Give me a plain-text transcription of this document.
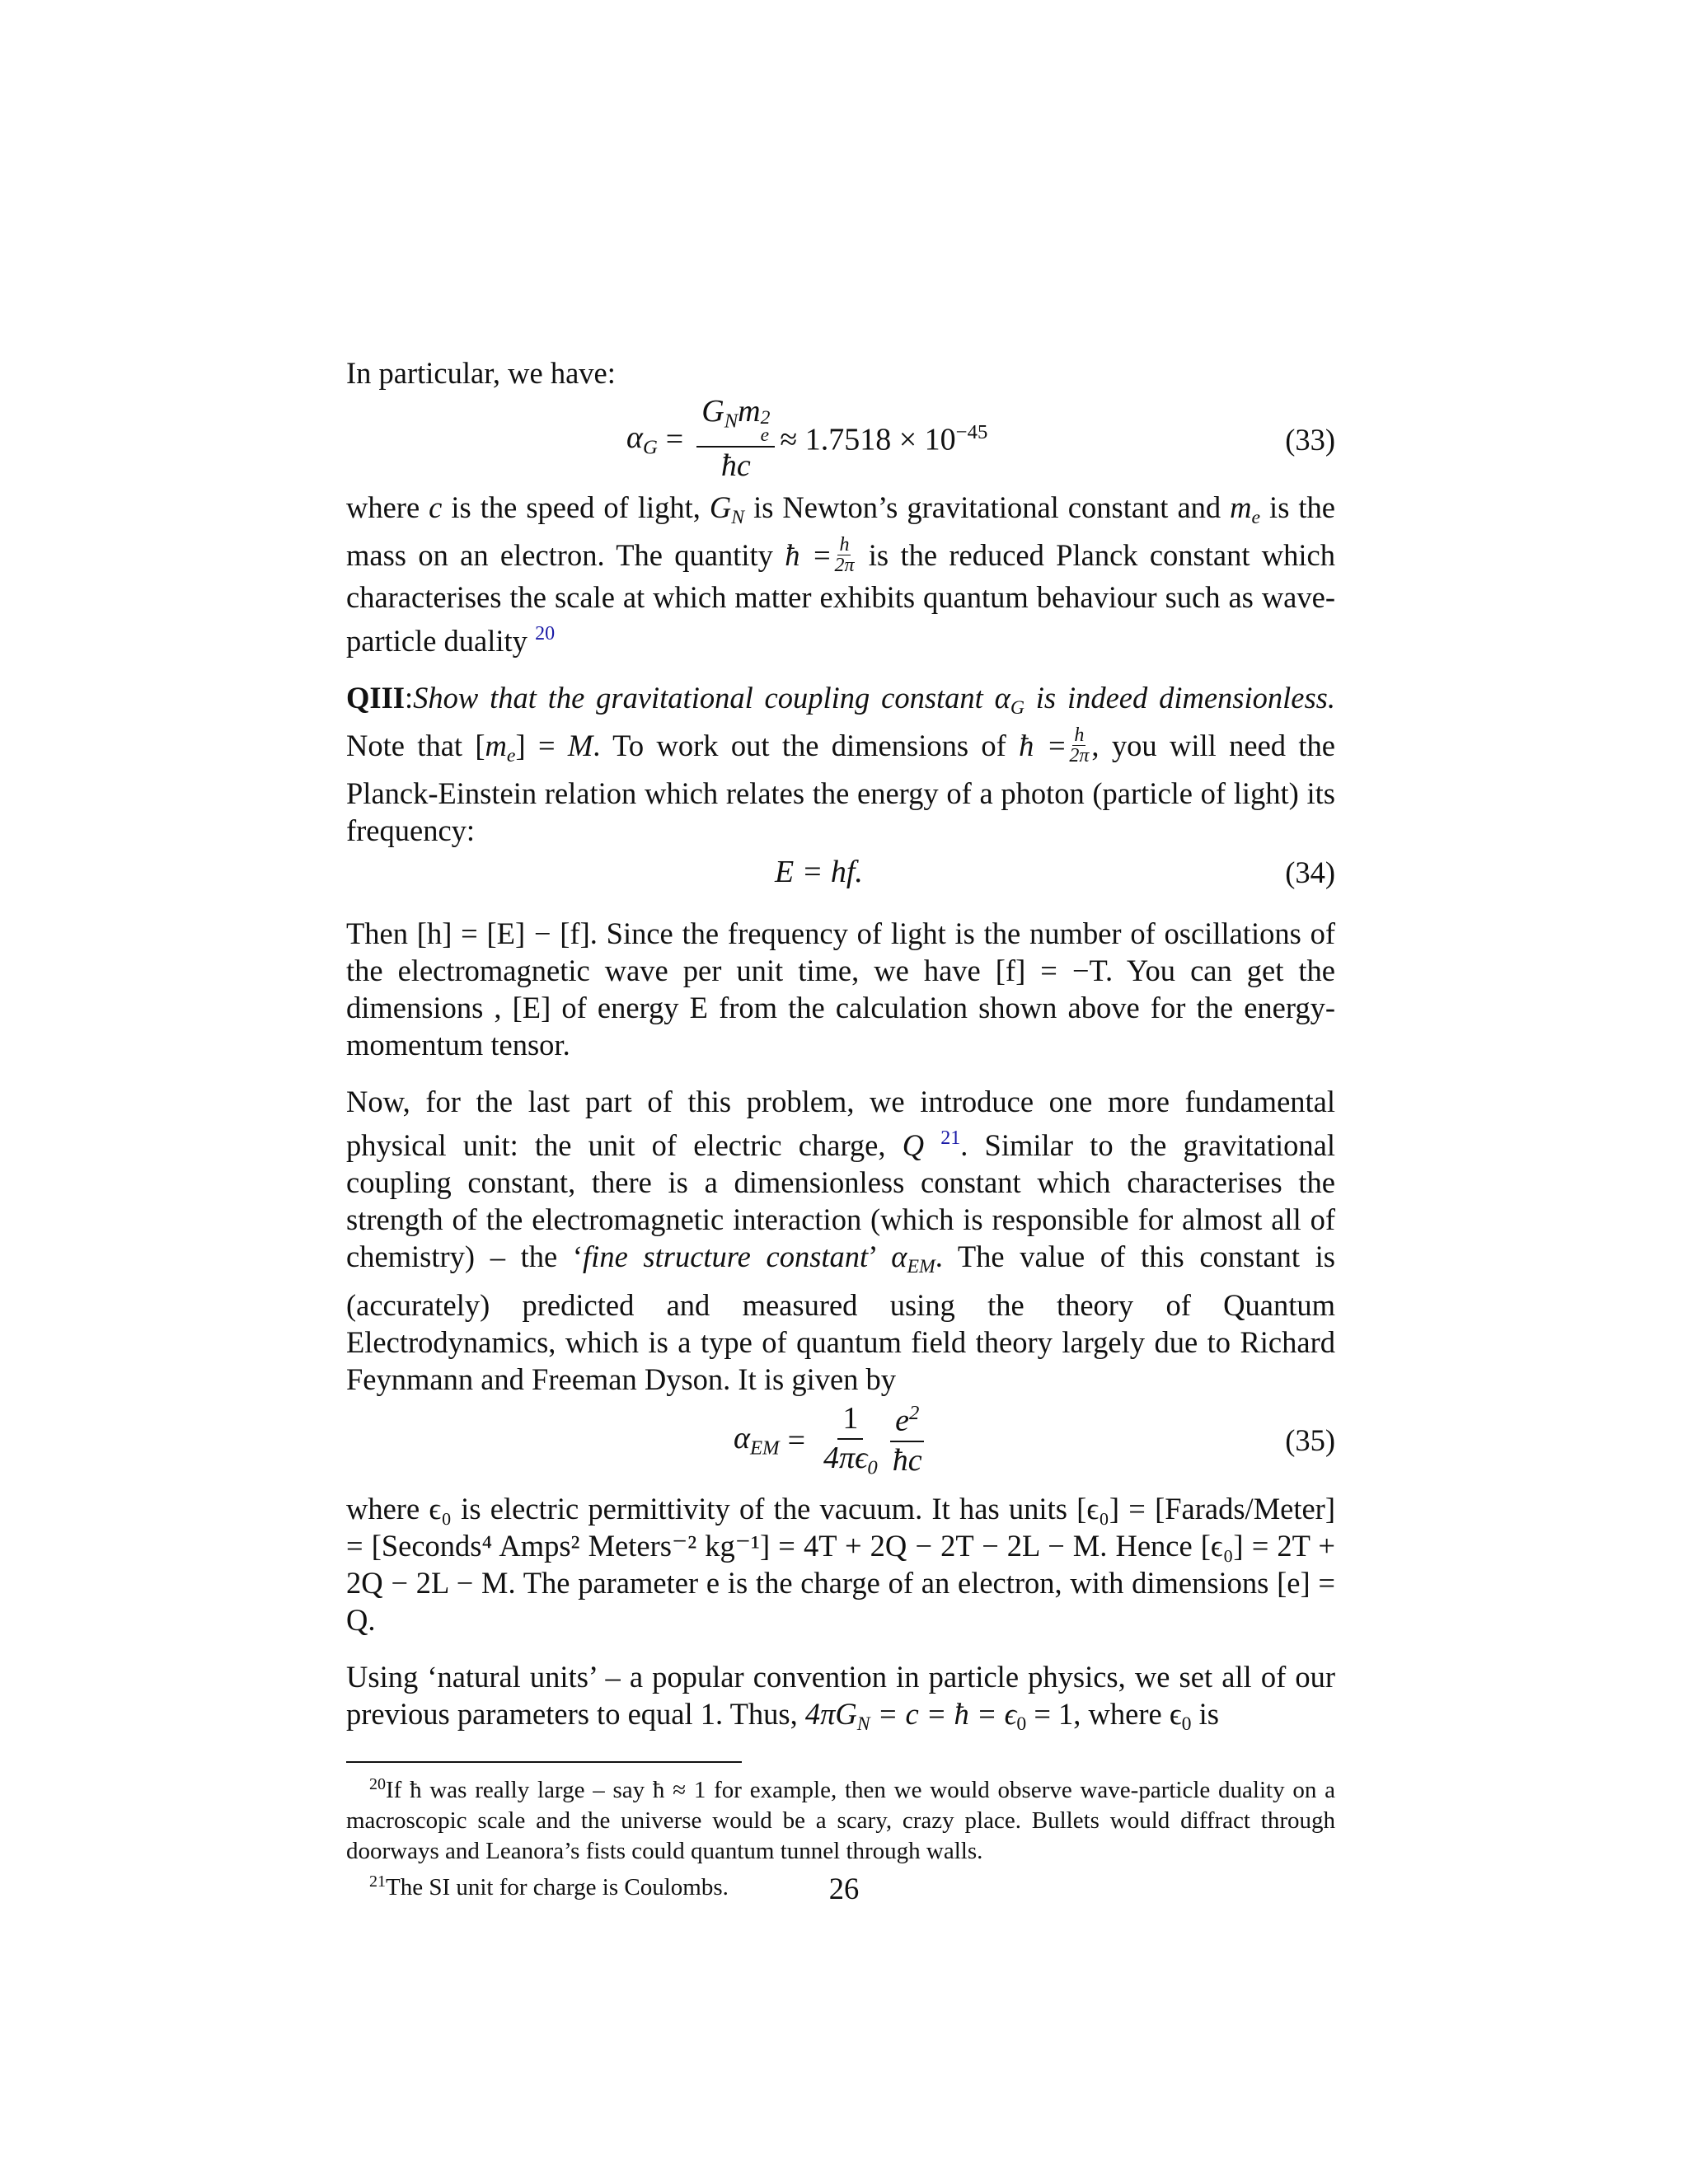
In particular, we have:

$\alpha_G = G_Nm$ 2
e
ħc ≈ $1.7518 \times 10^{-45}$	(33)

where c is the speed of light, $G_N$ is Newton’s gravitational constant and $m_e$ is the mass on an electron. The quantity ħ = $\frac{h}{2\pi}$ is the reduced Planck constant which characterises the scale at which matter exhibits quantum behaviour such as wave-particle duality $^{20}$

QIII:Show that the gravitational coupling constant $\alpha_G$ is indeed dimensionless. Note that $[m_e] = M$. To work out the dimensions of ħ = $\frac{h}{2\pi}$ , you will need the Planck-Einstein relation which relates the energy of a photon (particle of light) its frequency:

E = hf.	(34)

Then [h] = [E] − [f]. Since the frequency of light is the number of oscillations of the electromagnetic wave per unit time, we have [f] = −T. You can get the dimensions , [E] of energy E from the calculation shown above for the energy-momentum tensor.

Now, for the last part of this problem, we introduce one more fundamental physical unit: the unit of electric charge, Q $^{21}$. Similar to the gravitational coupling constant, there is a dimensionless constant which characterises the strength of the electromagnetic interaction (which is responsible for almost all of chemistry) – the ‘fine structure constant’ $\alpha_{EM}$. The value of this constant is (accurately) predicted and measured using the theory of Quantum Electrodynamics, which is a type of quantum field theory largely due to Richard Feynmann and Freeman Dyson. It is given by

$\alpha_{EM} = \frac{1}{4\pi\epsilon_0} \frac{e^2}{ħc}$	(35)

where ϵ₀ is electric permittivity of the vacuum. It has units [ϵ₀] = [Farads/Meter] = [Seconds⁴ Amps² Meters⁻² kg⁻¹] = 4T + 2Q − 2T − 2L − M. Hence [ϵ₀] = 2T + 2Q − 2L − M. The parameter e is the charge of an electron, with dimensions [e] = Q.

Using ‘natural units’ – a popular convention in particle physics, we set all of our previous parameters to equal 1. Thus, $4\pi G_N = c$ = ħ = $\epsilon_0 = 1$, where $\epsilon_0$ is

$^{20}$If ħ was really large – say ħ ≈ 1 for example, then we would observe wave-particle duality on a macroscopic scale and the universe would be a scary, crazy place. Bullets would diffract through doorways and Leanora’s fists could quantum tunnel through walls.

$^{21}$The SI unit for charge is Coulombs.	26
